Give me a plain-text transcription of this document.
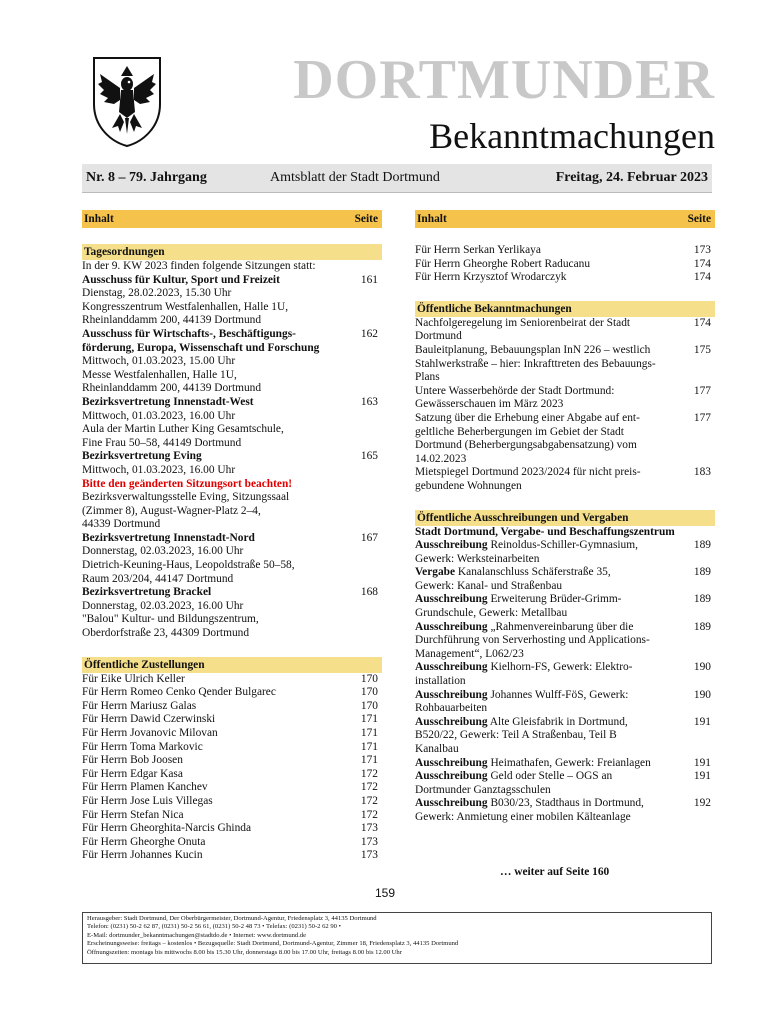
DORTMUNDER
Bekanntmachungen
Nr. 8 – 79. Jahrgang	Amtsblatt der Stadt Dortmund	Freitag, 24. Februar 2023
Inhalt	Seite
Tagesordnungen
In der 9. KW 2023 finden folgende Sitzungen statt:
Ausschuss für Kultur, Sport und Freizeit	161
Dienstag, 28.02.2023, 15.30 Uhr
Kongresszentrum Westfalenhallen, Halle 1U,
Rheinlanddamm 200, 44139 Dortmund
Ausschuss für Wirtschafts-, Beschäftigungs-	162
förderung, Europa, Wissenschaft und Forschung
Mittwoch, 01.03.2023, 15.00 Uhr
Messe Westfalenhallen, Halle 1U,
Rheinlanddamm 200, 44139 Dortmund
Bezirksvertretung Innenstadt-West	163
Mittwoch, 01.03.2023, 16.00 Uhr
Aula der Martin Luther King Gesamtschule,
Fine Frau 50–58, 44149 Dortmund
Bezirksvertretung Eving	165
Mittwoch, 01.03.2023, 16.00 Uhr
Bitte den geänderten Sitzungsort beachten!
Bezirksverwaltungsstelle Eving, Sitzungssaal
(Zimmer 8), August-Wagner-Platz 2–4,
44339 Dortmund
Bezirksvertretung Innenstadt-Nord	167
Donnerstag, 02.03.2023, 16.00 Uhr
Dietrich-Keuning-Haus, Leopoldstraße 50–58,
Raum 203/204, 44147 Dortmund
Bezirksvertretung Brackel	168
Donnerstag, 02.03.2023, 16.00 Uhr
"Balou" Kultur- und Bildungszentrum,
Oberdorfstraße 23, 44309 Dortmund
Öffentliche Zustellungen
Für Eike Ulrich Keller	170
Für Herrn Romeo Cenko Qender Bulgarec	170
Für Herrn Mariusz Galas	170
Für Herrn Dawid Czerwinski	171
Für Herrn Jovanovic Milovan	171
Für Herrn Toma Markovic	171
Für Herrn Bob Joosen	171
Für Herrn Edgar Kasa	172
Für Herrn Plamen Kanchev	172
Für Herrn Jose Luis Villegas	172
Für Herrn Stefan Nica	172
Für Herrn Gheorghita-Narcis Ghinda	173
Für Herrn Gheorghe Onuta	173
Für Herrn Johannes Kucin	173
Inhalt	Seite
Für Herrn Serkan Yerlikaya	173
Für Herrn Gheorghe Robert Raducanu	174
Für Herrn Krzysztof Wrodarczyk	174
Öffentliche Bekanntmachungen
Nachfolgeregelung im Seniorenbeirat der Stadt	174
Dortmund
Bauleitplanung, Bebauungsplan InN 226 – westlich	175
Stahlwerkstraße – hier: Inkrafttreten des Bebauungs-
Plans
Untere Wasserbehörde der Stadt Dortmund:	177
Gewässerschauen im März 2023
Satzung über die Erhebung einer Abgabe auf ent-	177
geltliche Beherbergungen im Gebiet der Stadt
Dortmund (Beherbergungsabgabensatzung) vom
14.02.2023
Mietspiegel Dortmund 2023/2024 für nicht preis-	183
gebundene Wohnungen
Öffentliche Ausschreibungen und Vergaben
Stadt Dortmund, Vergabe- und Beschaffungszentrum
Ausschreibung Reinoldus-Schiller-Gymnasium,	189
Gewerk: Werksteinarbeiten
Vergabe Kanalanschluss Schäferstraße 35,	189
Gewerk: Kanal- und Straßenbau
Ausschreibung Erweiterung Brüder-Grimm-	189
Grundschule, Gewerk: Metallbau
Ausschreibung „Rahmenvereinbarung über die	189
Durchführung von Serverhosting und Applications-
Management“, L062/23
Ausschreibung Kielhorn-FS, Gewerk: Elektro-	190
installation
Ausschreibung Johannes Wulff-FöS, Gewerk:	190
Rohbauarbeiten
Ausschreibung Alte Gleisfabrik in Dortmund,	191
B520/22, Gewerk: Teil A Straßenbau, Teil B
Kanalbau
Ausschreibung Heimathafen, Gewerk: Freianlagen	191
Ausschreibung Geld oder Stelle – OGS an	191
Dortmunder Ganztagsschulen
Ausschreibung B030/23, Stadthaus in Dortmund,	192
Gewerk: Anmietung einer mobilen Kälteanlage
… weiter auf Seite 160
159
Herausgeber: Stadt Dortmund, Der Oberbürgermeister, Dortmund-Agentur, Friedensplatz 3, 44135 Dortmund
Telefon: (0231) 50-2 62 87, (0231) 50-2 56 61, (0231) 50-2 48 73 • Telefax: (0231) 50-2 62 90 •
E-Mail: dortmunder_bekanntmachungen@stadtdo.de • Internet: www.dortmund.de
Erscheinungsweise: freitags – kostenlos • Bezugsquelle: Stadt Dortmund, Dortmund-Agentur, Zimmer 18, Friedensplatz 3, 44135 Dortmund
Öffnungszeiten: montags bis mittwochs 8.00 bis 15.30 Uhr, donnerstags 8.00 bis 17.00 Uhr, freitags 8.00 bis 12.00 Uhr
